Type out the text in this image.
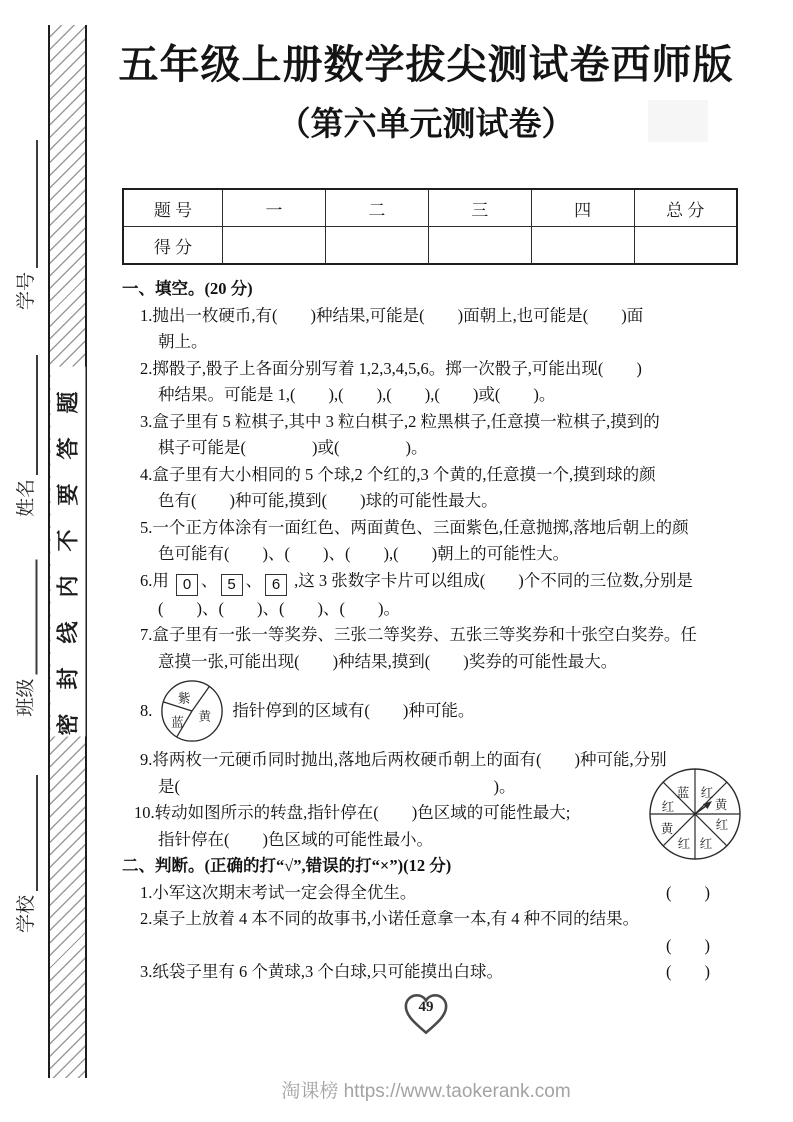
学号
姓名
班级
学校
密封线内不要答题
五年级上册数学拔尖测试卷西师版
（第六单元测试卷）
题 号	一	二	三	四	总 分
得 分					
一、填空。(20 分)
1.抛出一枚硬币,有(　　)种结果,可能是(　　)面朝上,也可能是(　　)面
朝上。
2.掷骰子,骰子上各面分别写着 1,2,3,4,5,6。掷一次骰子,可能出现(　　)
种结果。可能是 1,(　　),(　　),(　　),(　　)或(　　)。
3.盒子里有 5 粒棋子,其中 3 粒白棋子,2 粒黑棋子,任意摸一粒棋子,摸到的
棋子可能是(　　　　)或(　　　　)。
4.盒子里有大小相同的 5 个球,2 个红的,3 个黄的,任意摸一个,摸到球的颜
色有(　　)种可能,摸到(　　)球的可能性最大。
5.一个正方体涂有一面红色、两面黄色、三面紫色,任意抛掷,落地后朝上的颜
色可能有(　　)、(　　)、(　　),(　　)朝上的可能性大。
6.用 0 、 5 、 6 ,这 3 张数字卡片可以组成(　　)个不同的三位数,分别是
(　　)、(　　)、(　　)、(　　)。
7.盒子里有一张一等奖券、三张二等奖券、五张三等奖券和十张空白奖券。任
意摸一张,可能出现(　　)种结果,摸到(　　)奖券的可能性最大。
8.
紫
蓝 黄 指针停到的区域有(　　)种可能。
9.将两枚一元硬币同时抛出,落地后两枚硬币朝上的面有(　　)种可能,分别
是(　　　　　　　　　　　　　　　　　　　)。
10.转动如图所示的转盘,指针停在(　　)色区域的可能性最大;
指针停在(　　)色区域的可能性最小。
蓝 红
红	黄
黄	红
红 红
二、判断。(正确的打“√”,错误的打“×”)(12 分)
1.小军这次期末考试一定会得全优生。	(　　)
2.桌子上放着 4 本不同的故事书,小诺任意拿一本,有 4 种不同的结果。
(　　)
3.纸袋子里有 6 个黄球,3 个白球,只可能摸出白球。	(　　)
49
淘课榜 https://www.taokerank.com
